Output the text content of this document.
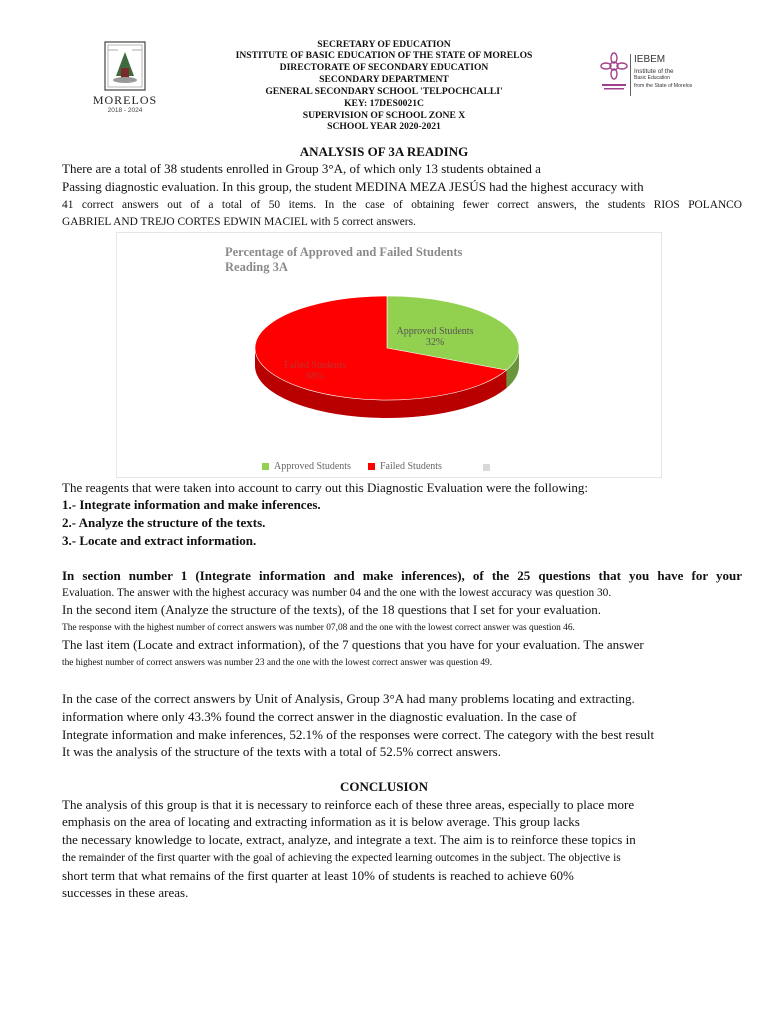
MORELOS
2018 - 2024
IEBEM
Institute of the
Basic Education
from the State of Morelos
SECRETARY OF EDUCATION
INSTITUTE OF BASIC EDUCATION OF THE STATE OF MORELOS
DIRECTORATE OF SECONDARY EDUCATION
SECONDARY DEPARTMENT
GENERAL SECONDARY SCHOOL 'TELPOCHCALLI'
KEY: 17DES0021C
SUPERVISION OF SCHOOL ZONE X
SCHOOL YEAR 2020-2021
ANALYSIS OF 3A READING
There are a total of 38 students enrolled in Group 3°A, of which only 13 students obtained a
Passing diagnostic evaluation. In this group, the student MEDINA MEZA JESÚS had the highest accuracy with
41 correct answers out of a total of 50 items. In the case of obtaining fewer correct answers, the students RIOS POLANCO
GABRIEL AND TREJO CORTES EDWIN MACIEL with 5 correct answers.
Percentage of Approved and Failed Students
Reading 3A
Approved Students
32%
Failed Students
68%
Approved Students	Failed Students
The reagents that were taken into account to carry out this Diagnostic Evaluation were the following:
1.- Integrate information and make inferences.
2.- Analyze the structure of the texts.
3.- Locate and extract information.
In section number 1 (Integrate information and make inferences), of the 25 questions that you have for your
Evaluation. The answer with the highest accuracy was number 04 and the one with the lowest accuracy was question 30.
In the second item (Analyze the structure of the texts), of the 18 questions that I set for your evaluation.
The response with the highest number of correct answers was number 07,08 and the one with the lowest correct answer was question 46.
The last item (Locate and extract information), of the 7 questions that you have for your evaluation. The answer
the highest number of correct answers was number 23 and the one with the lowest correct answer was question 49.
In the case of the correct answers by Unit of Analysis, Group 3°A had many problems locating and extracting.
information where only 43.3% found the correct answer in the diagnostic evaluation. In the case of
Integrate information and make inferences, 52.1% of the responses were correct. The category with the best result
It was the analysis of the structure of the texts with a total of 52.5% correct answers.
CONCLUSION
The analysis of this group is that it is necessary to reinforce each of these three areas, especially to place more
emphasis on the area of locating and extracting information as it is below average. This group lacks
the necessary knowledge to locate, extract, analyze, and integrate a text. The aim is to reinforce these topics in
the remainder of the first quarter with the goal of achieving the expected learning outcomes in the subject. The objective is
short term that what remains of the first quarter at least 10% of students is reached to achieve 60%
successes in these areas.
